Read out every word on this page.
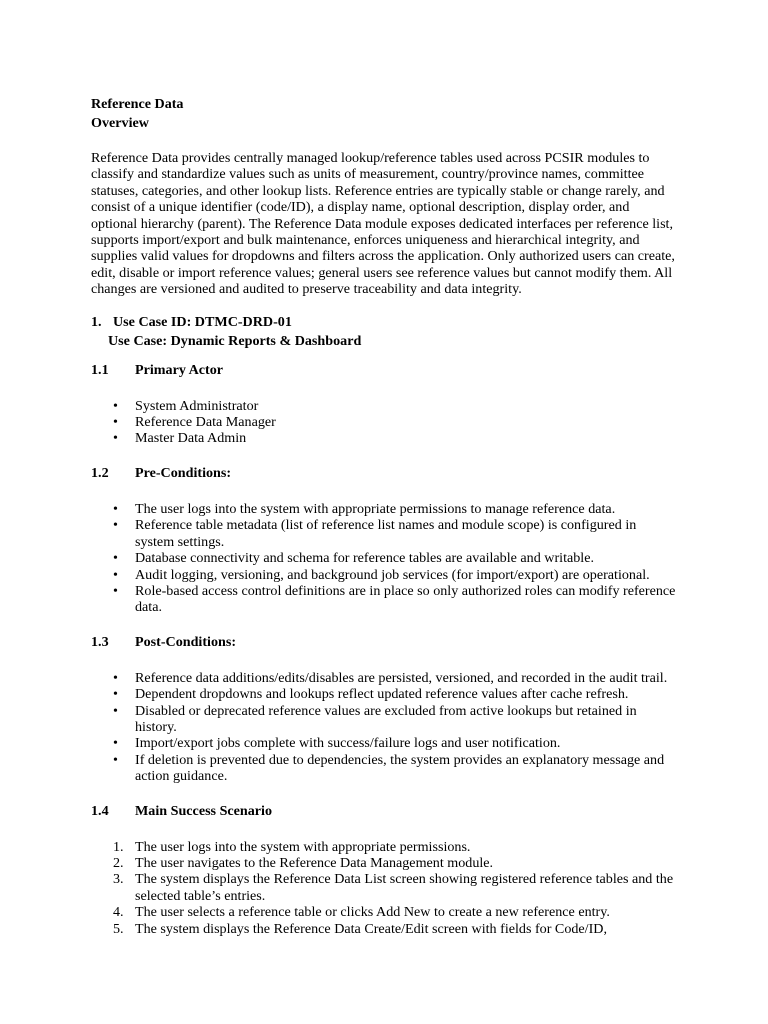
Reference Data
Overview

Reference Data provides centrally managed lookup/reference tables used across PCSIR modules to classify and standardize values such as units of measurement, country/province names, committee statuses, categories, and other lookup lists. Reference entries are typically stable or change rarely, and consist of a unique identifier (code/ID), a display name, optional description, display order, and optional hierarchy (parent). The Reference Data module exposes dedicated interfaces per reference list, supports import/export and bulk maintenance, enforces uniqueness and hierarchical integrity, and supplies valid values for dropdowns and filters across the application. Only authorized users can create, edit, disable or import reference values; general users see reference values but cannot modify them. All changes are versioned and audited to preserve traceability and data integrity.

1. Use Case ID: DTMC-DRD-01
Use Case: Dynamic Reports & Dashboard
1.1	Primary Actor
• System Administrator
• Reference Data Manager
• Master Data Admin
1.2	Pre-Conditions:
• The user logs into the system with appropriate permissions to manage reference data.
• Reference table metadata (list of reference list names and module scope) is configured in system settings.
• Database connectivity and schema for reference tables are available and writable.
• Audit logging, versioning, and background job services (for import/export) are operational.
• Role-based access control definitions are in place so only authorized roles can modify reference data.
1.3	Post-Conditions:
• Reference data additions/edits/disables are persisted, versioned, and recorded in the audit trail.
• Dependent dropdowns and lookups reflect updated reference values after cache refresh.
• Disabled or deprecated reference values are excluded from active lookups but retained in history.
• Import/export jobs complete with success/failure logs and user notification.
• If deletion is prevented due to dependencies, the system provides an explanatory message and action guidance.
1.4	Main Success Scenario
1. The user logs into the system with appropriate permissions.
2. The user navigates to the Reference Data Management module.
3. The system displays the Reference Data List screen showing registered reference tables and the selected table’s entries.
4. The user selects a reference table or clicks Add New to create a new reference entry.
5. The system displays the Reference Data Create/Edit screen with fields for Code/ID,
